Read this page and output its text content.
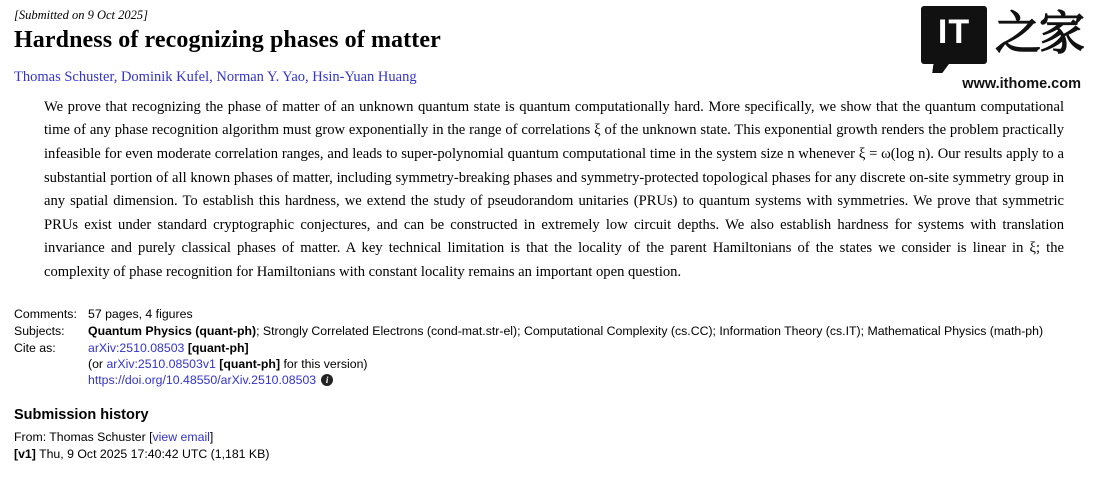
IT 之家
www.ithome.com
[Submitted on 9 Oct 2025]
Hardness of recognizing phases of matter
Thomas Schuster, Dominik Kufel, Norman Y. Yao, Hsin-Yuan Huang
We prove that recognizing the phase of matter of an unknown quantum state is quantum computationally hard. More specifically, we show that the quantum computational time of any phase recognition algorithm must grow exponentially in the range of correlations ξ of the unknown state. This exponential growth renders the problem practically infeasible for even moderate correlation ranges, and leads to super-polynomial quantum computational time in the system size n whenever ξ = ω(log n). Our results apply to a substantial portion of all known phases of matter, including symmetry-breaking phases and symmetry-protected topological phases for any discrete on-site symmetry group in any spatial dimension. To establish this hardness, we extend the study of pseudorandom unitaries (PRUs) to quantum systems with symmetries. We prove that symmetric PRUs exist under standard cryptographic conjectures, and can be constructed in extremely low circuit depths. We also establish hardness for systems with translation invariance and purely classical phases of matter. A key technical limitation is that the locality of the parent Hamiltonians of the states we consider is linear in ξ; the complexity of phase recognition for Hamiltonians with constant locality remains an important open question.
Comments: 57 pages, 4 figures
Subjects:	Quantum Physics (quant-ph); Strongly Correlated Electrons (cond-mat.str-el); Computational Complexity (cs.CC); Information Theory (cs.IT); Mathematical Physics (math-ph)
Cite as:	arXiv:2510.08503 [quant-ph]
(or arXiv:2510.08503v1 [quant-ph] for this version)
https://doi.org/10.48550/arXiv.2510.08503	i
Submission history
From: Thomas Schuster [view email]
[v1] Thu, 9 Oct 2025 17:40:42 UTC (1,181 KB)
